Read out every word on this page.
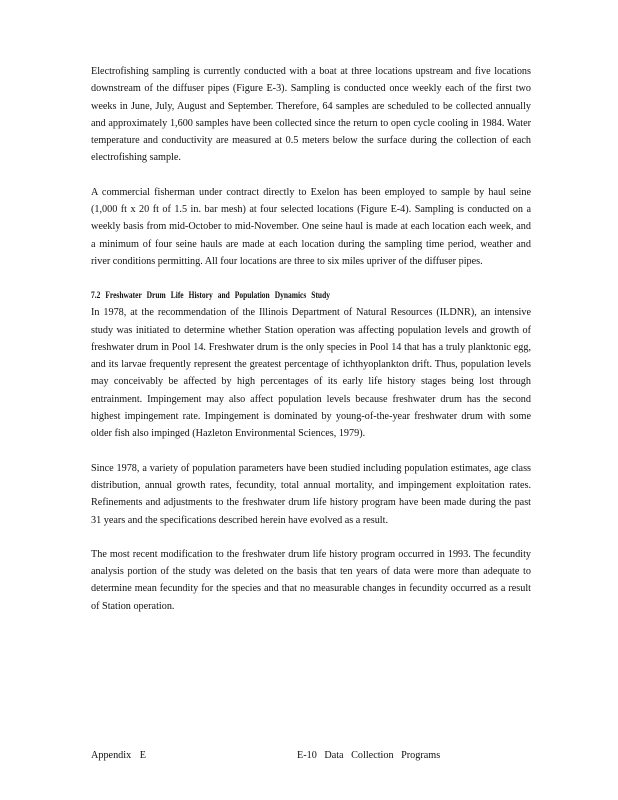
Electrofishing sampling is currently conducted with a boat at three locations upstream and five locations downstream of the diffuser pipes (Figure E-3). Sampling is conducted once weekly each of the first two weeks in June, July, August and September. Therefore, 64 samples are scheduled to be collected annually and approximately 1,600 samples have been collected since the return to open cycle cooling in 1984. Water temperature and conductivity are measured at 0.5 meters below the surface during the collection of each electrofishing sample.

A commercial fisherman under contract directly to Exelon has been employed to sample by haul seine (1,000 ft x 20 ft of 1.5 in. bar mesh) at four selected locations (Figure E-4). Sampling is conducted on a weekly basis from mid-October to mid-November. One seine haul is made at each location each week, and a minimum of four seine hauls are made at each location during the sampling time period, weather and river conditions permitting. All four locations are three to six miles upriver of the diffuser pipes.

7.2 Freshwater Drum Life History and Population Dynamics Study

In 1978, at the recommendation of the Illinois Department of Natural Resources (ILDNR), an intensive study was initiated to determine whether Station operation was affecting population levels and growth of freshwater drum in Pool 14. Freshwater drum is the only species in Pool 14 that has a truly planktonic egg, and its larvae frequently represent the greatest percentage of ichthyoplankton drift. Thus, population levels may conceivably be affected by high percentages of its early life history stages being lost through entrainment. Impingement may also affect population levels because freshwater drum has the second highest impingement rate. Impingement is dominated by young-of-the-year freshwater drum with some older fish also impinged (Hazleton Environmental Sciences, 1979).

Since 1978, a variety of population parameters have been studied including population estimates, age class distribution, annual growth rates, fecundity, total annual mortality, and impingement exploitation rates. Refinements and adjustments to the freshwater drum life history program have been made during the past 31 years and the specifications described herein have evolved as a result.

The most recent modification to the freshwater drum life history program occurred in 1993. The fecundity analysis portion of the study was deleted on the basis that ten years of data were more than adequate to determine mean fecundity for the species and that no measurable changes in fecundity occurred as a result of Station operation.

Appendix E	E-10 Data Collection Programs
